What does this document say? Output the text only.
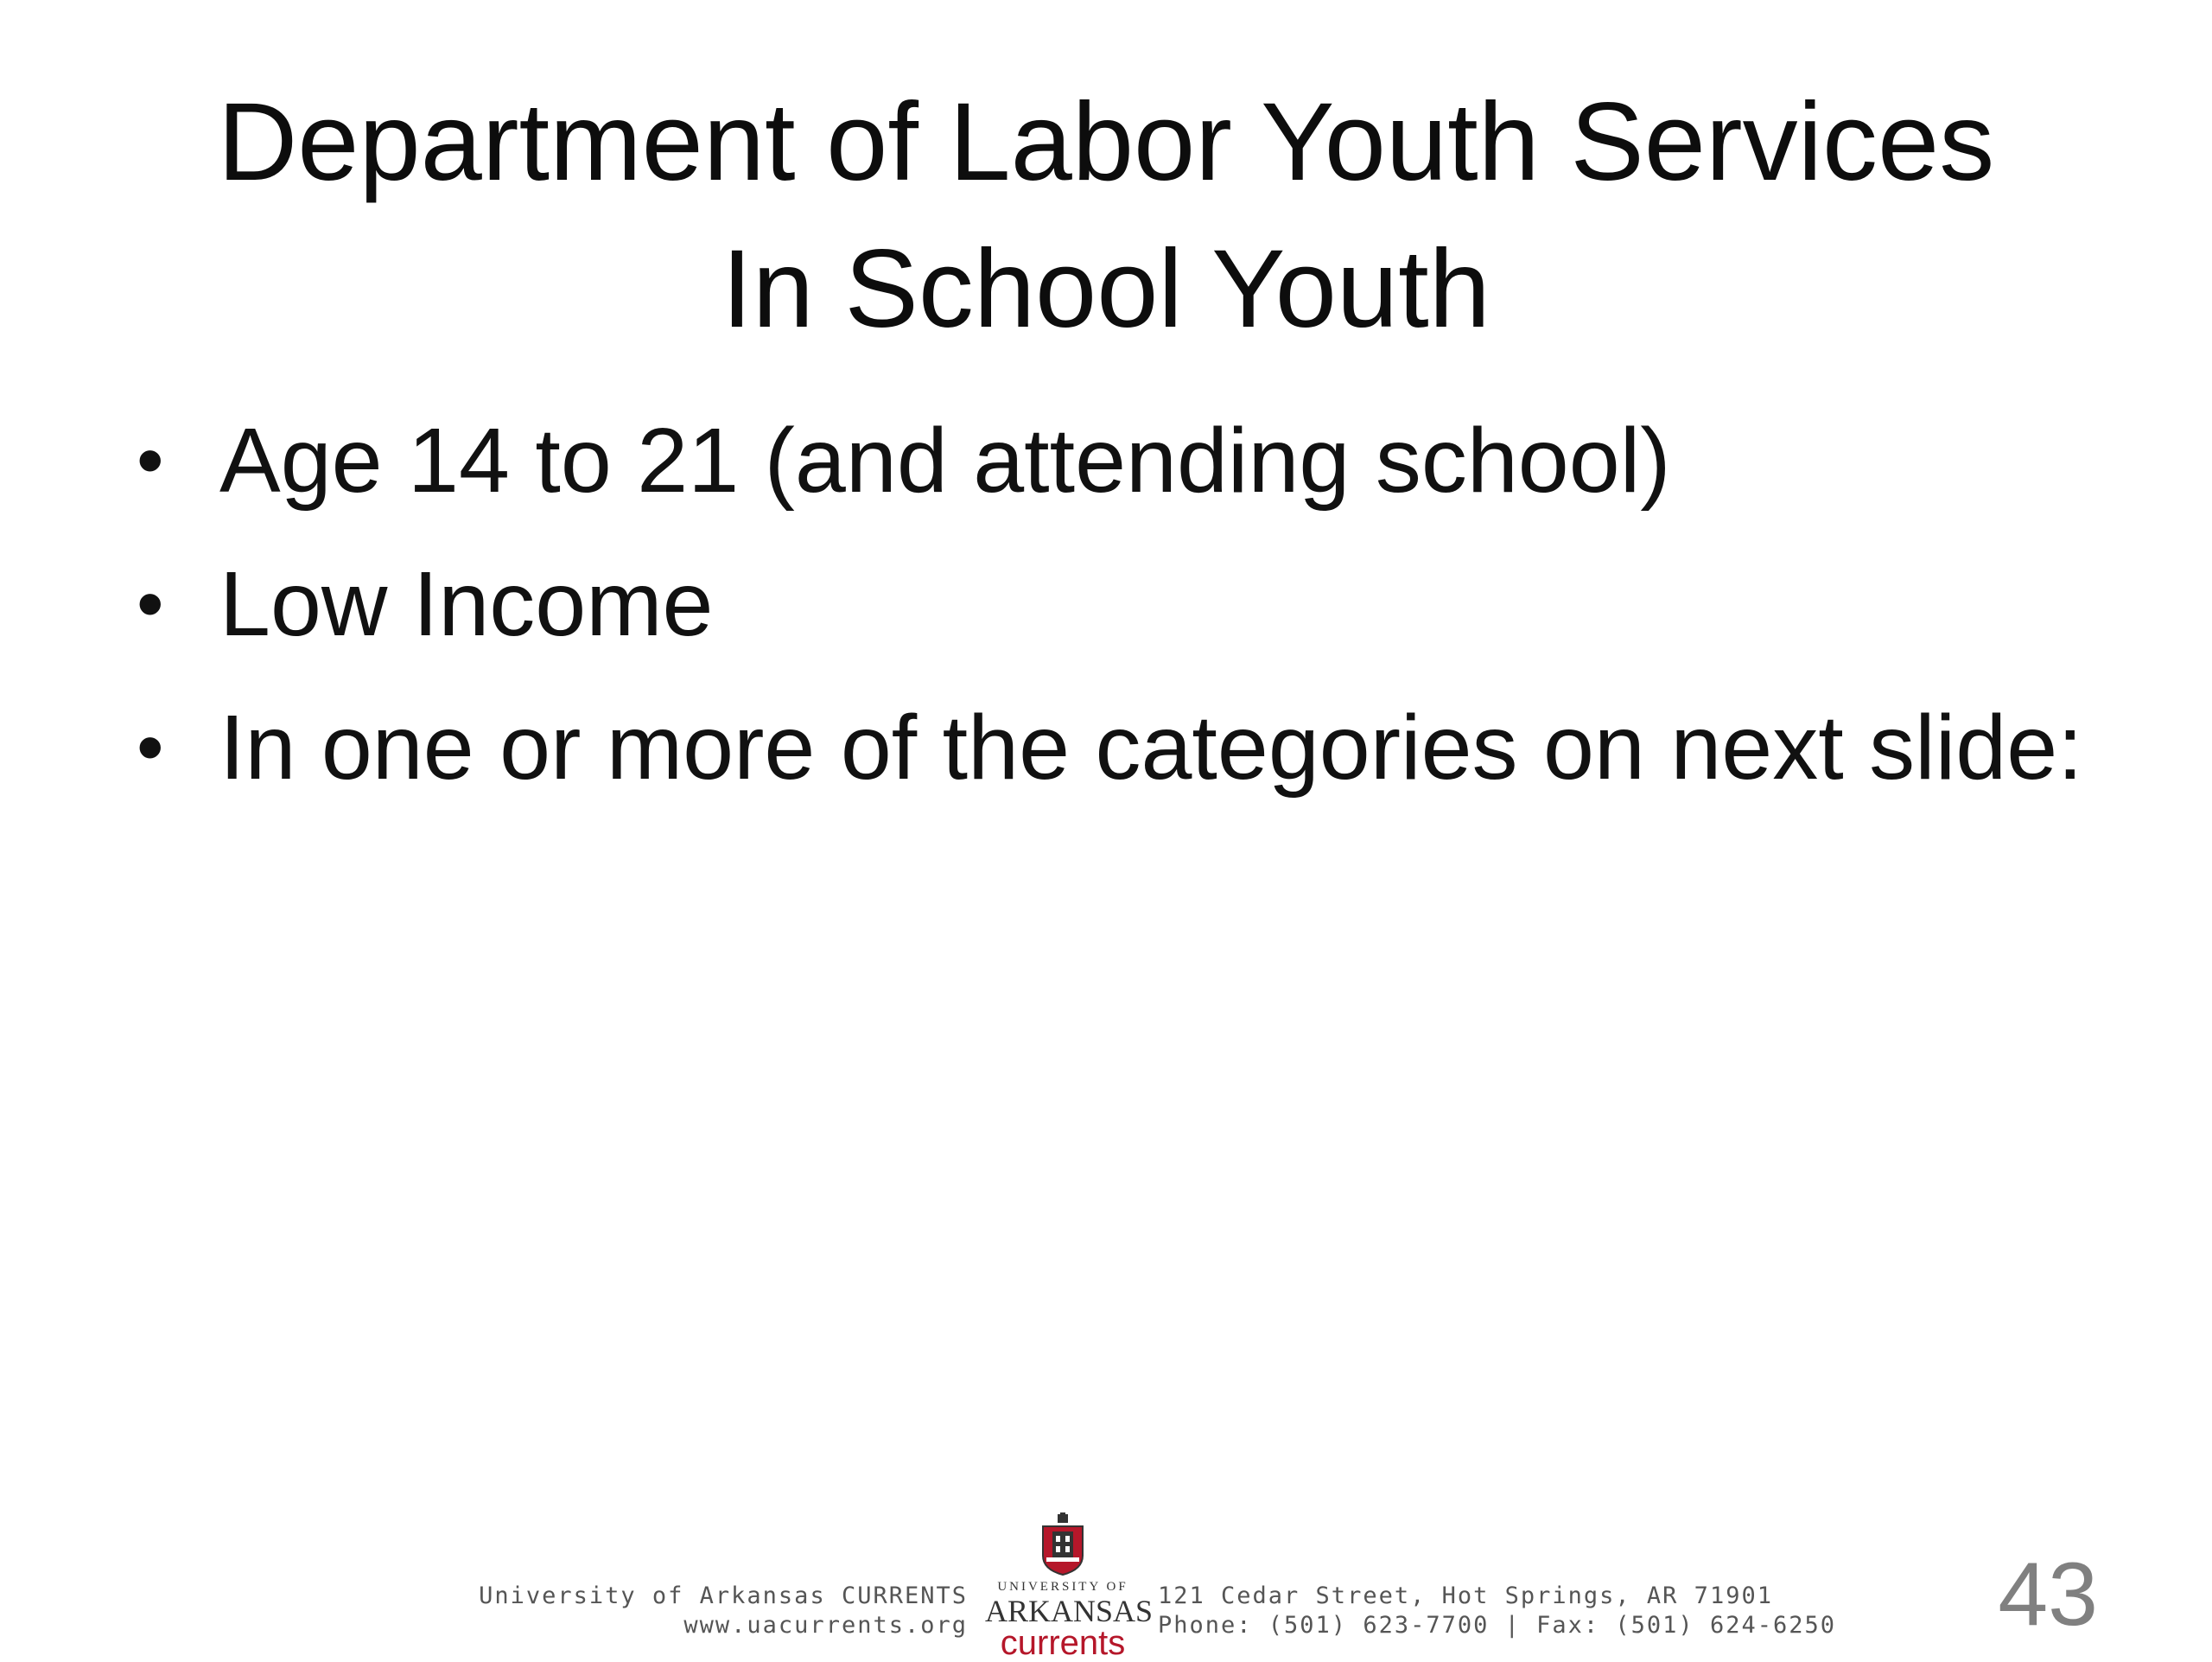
Department of Labor Youth Services
In School Youth
• Age 14 to 21 (and attending school)
• Low Income
• In one or more of the categories on next slide:
University of Arkansas CURRENTS
www.uacurrents.org
UNIVERSITY OF
ARKANSAS
currents
121 Cedar Street, Hot Springs, AR 71901
Phone: (501) 623-7700 | Fax: (501) 624-6250 43
